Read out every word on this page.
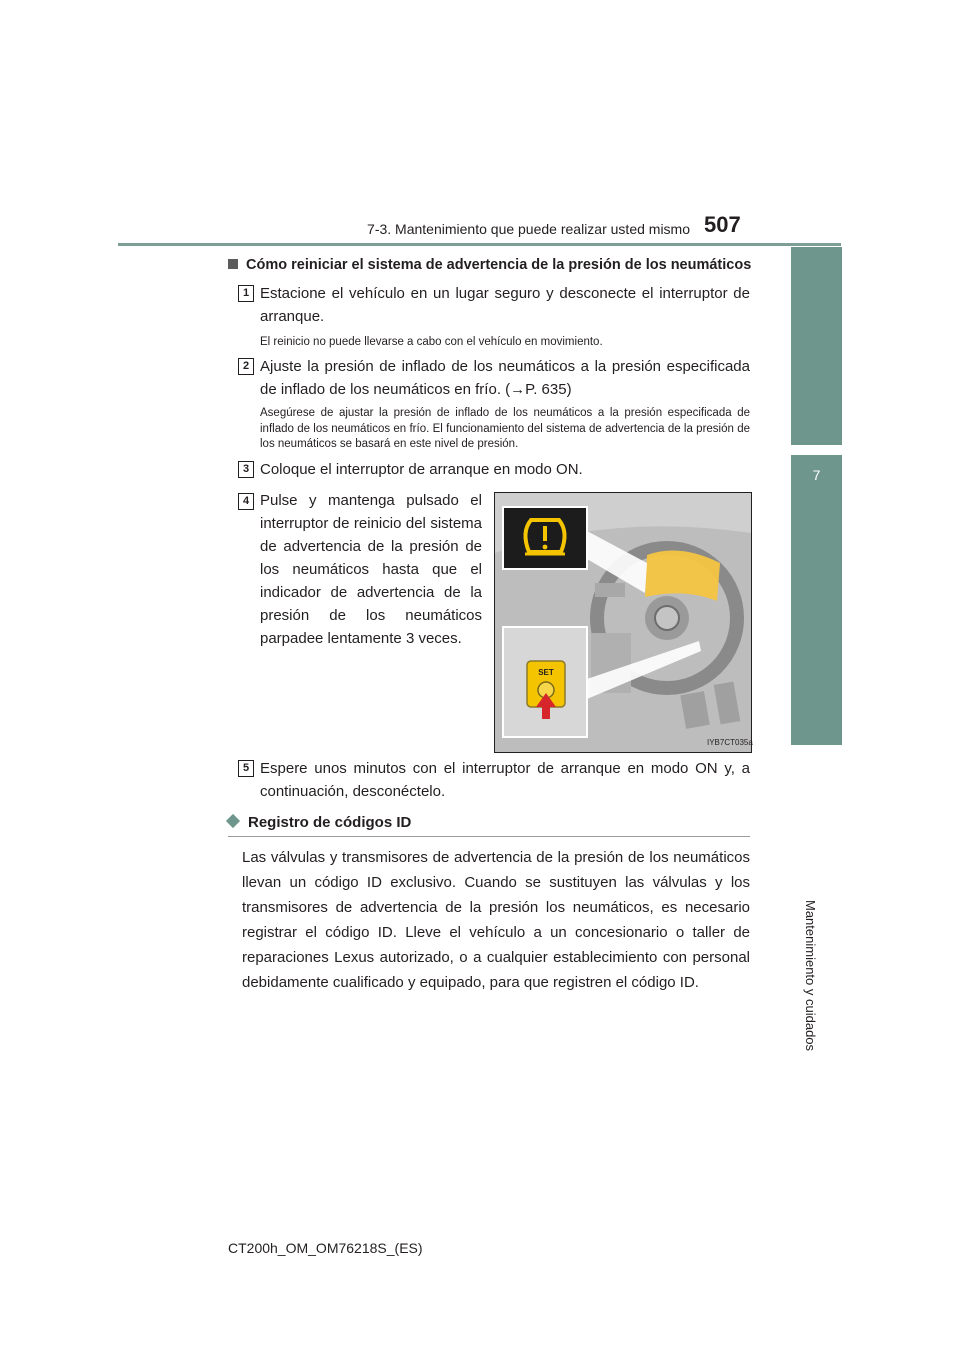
7-3. Mantenimiento que puede realizar usted mismo 507
7
Mantenimiento y cuidados
Cómo reiniciar el sistema de advertencia de la presión de los neumáticos
1 Estacione el vehículo en un lugar seguro y desconecte el interruptor de arranque.
El reinicio no puede llevarse a cabo con el vehículo en movimiento.
2 Ajuste la presión de inflado de los neumáticos a la presión especificada de inflado de los neumáticos en frío. (→P. 635)
Asegúrese de ajustar la presión de inflado de los neumáticos a la presión especificada de inflado de los neumáticos en frío. El funcionamiento del sistema de advertencia de la presión de los neumáticos se basará en este nivel de presión.
3 Coloque el interruptor de arranque en modo ON.
4 Pulse y mantenga pulsado el interruptor de reinicio del sistema de advertencia de la presión de los neumáticos hasta que el indicador de advertencia de la presión de los neumáticos parpadee lentamente 3 veces.
SET
IYB7CT035a
5 Espere unos minutos con el interruptor de arranque en modo ON y, a continuación, desconéctelo.
Registro de códigos ID
Las válvulas y transmisores de advertencia de la presión de los neumáticos llevan un código ID exclusivo. Cuando se sustituyen las válvulas y los transmisores de advertencia de la presión los neumáticos, es necesario registrar el código ID. Lleve el vehículo a un concesionario o taller de reparaciones Lexus autorizado, o a cualquier establecimiento con personal debidamente cualificado y equipado, para que registren el código ID.
CT200h_OM_OM76218S_(ES)
